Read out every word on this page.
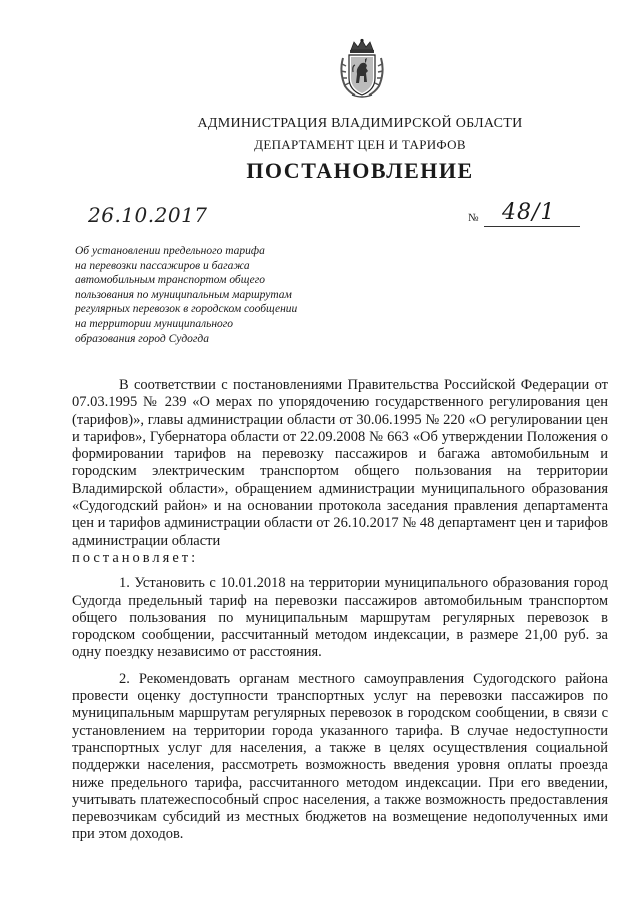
АДМИНИСТРАЦИЯ ВЛАДИМИРСКОЙ ОБЛАСТИ
ДЕПАРТАМЕНТ ЦЕН И ТАРИФОВ
ПОСТАНОВЛЕНИЕ
26.10.2017	№ 48/1
Об установлении предельного тарифа
на перевозки пассажиров и багажа
автомобильным транспортом общего
пользования по муниципальным маршрутам
регулярных перевозок в городском сообщении
на территории муниципального
образования город Судогда

В соответствии с постановлениями Правительства Российской Федерации от 07.03.1995 № 239 «О мерах по упорядочению государственного регулирования цен (тарифов)», главы администрации области от 30.06.1995 № 220 «О регулировании цен и тарифов», Губернатора области от 22.09.2008 № 663 «Об утверждении Положения о формировании тарифов на перевозку пассажиров и багажа автомобильным и городским электрическим транспортом общего пользования на территории Владимирской области», обращением администрации муниципального образования «Судогодский район» и на основании протокола заседания правления департамента цен и тарифов администрации области от 26.10.2017 № 48 департамент цен и тарифов администрации области

постановляет:

1. Установить с 10.01.2018 на территории муниципального образования город Судогда предельный тариф на перевозки пассажиров автомобильным транспортом общего пользования по муниципальным маршрутам регулярных перевозок в городском сообщении, рассчитанный методом индексации, в размере 21,00 руб. за одну поездку независимо от расстояния.

2. Рекомендовать органам местного самоуправления Судогодского района провести оценку доступности транспортных услуг на перевозки пассажиров по муниципальным маршрутам регулярных перевозок в городском сообщении, в связи с установлением на территории города указанного тарифа. В случае недоступности транспортных услуг для населения, а также в целях осуществления социальной поддержки населения, рассмотреть возможность введения уровня оплаты проезда ниже предельного тарифа, рассчитанного методом индексации. При его введении, учитывать платежеспособный спрос населения, а также возможность предоставления перевозчикам субсидий из местных бюджетов на возмещение недополученных ими при этом доходов.
